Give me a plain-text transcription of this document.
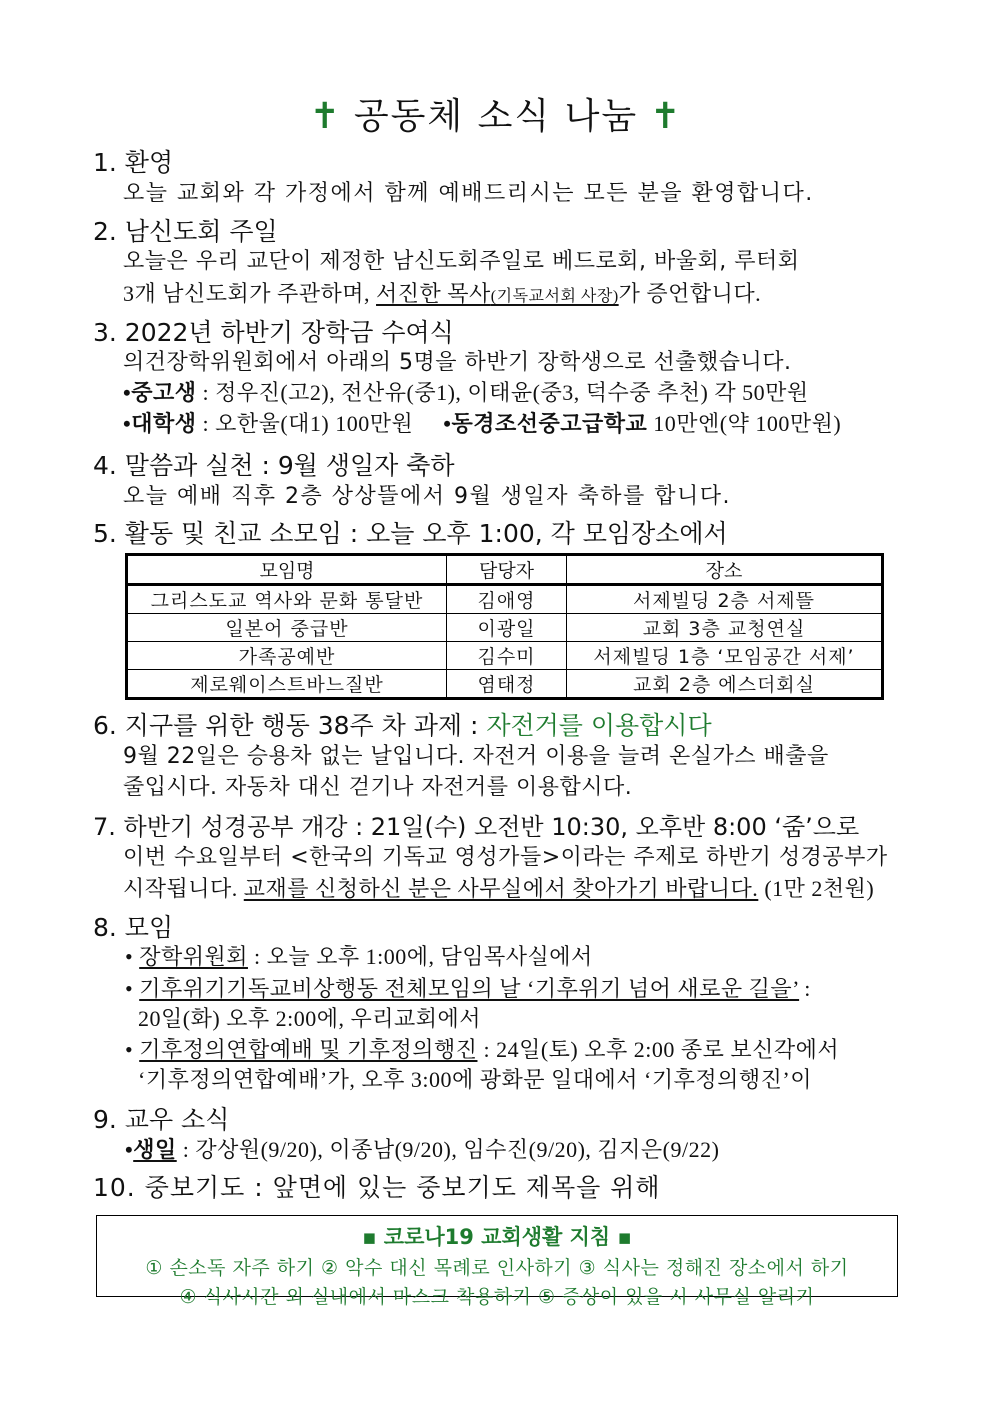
✝ 공동체 소식 나눔 ✝
1. 환영
오늘 교회와 각 가정에서 함께 예배드리시는 모든 분을 환영합니다.
2. 남신도회 주일
오늘은 우리 교단이 제정한 남신도회주일로 베드로회, 바울회, 루터회
3개 남신도회가 주관하며, 서진한 목사(기독교서회 사장)가 증언합니다.
3. 2022년 하반기 장학금 수여식
의건장학위원회에서 아래의 5명을 하반기 장학생으로 선출했습니다.
•중고생 : 정우진(고2), 전산유(중1), 이태윤(중3, 덕수중 추천) 각 50만원
•대학생 : 오한울(대1) 100만원 •동경조선중고급학교 10만엔(약 100만원)
4. 말씀과 실천 : 9월 생일자 축하
오늘 예배 직후 2층 상상뜰에서 9월 생일자 축하를 합니다.
5. 활동 및 친교 소모임 : 오늘 오후 1:00, 각 모임장소에서
모임명	담당자	장소
그리스도교 역사와 문화 통달반	김애영	서제빌딩 2층 서제뜰
일본어 중급반	이광일	교회 3층 교청연실
가족공예반	김수미	서제빌딩 1층 ‘모임공간 서제’
제로웨이스트바느질반	염태정	교회 2층 에스더회실
6. 지구를 위한 행동 38주 차 과제 : 자전거를 이용합시다
9월 22일은 승용차 없는 날입니다. 자전거 이용을 늘려 온실가스 배출을
줄입시다. 자동차 대신 걷기나 자전거를 이용합시다.
7. 하반기 성경공부 개강 : 21일(수) 오전반 10:30, 오후반 8:00 ‘줌’으로
이번 수요일부터 <한국의 기독교 영성가들>이라는 주제로 하반기 성경공부가
시작됩니다. 교재를 신청하신 분은 사무실에서 찾아가기 바랍니다. (1만 2천원)
8. 모임
• 장학위원회 : 오늘 오후 1:00에, 담임목사실에서
• 기후위기기독교비상행동 전체모임의 날 ‘기후위기 넘어 새로운 길을’ :
20일(화) 오후 2:00에, 우리교회에서
• 기후정의연합예배 및 기후정의행진 : 24일(토) 오후 2:00 종로 보신각에서
‘기후정의연합예배’가, 오후 3:00에 광화문 일대에서 ‘기후정의행진’이
9. 교우 소식
•생일 : 강상원(9/20), 이종남(9/20), 임수진(9/20), 김지은(9/22)
10. 중보기도 : 앞면에 있는 중보기도 제목을 위해
▪ 코로나19 교회생활 지침 ▪
① 손소독 자주 하기 ② 악수 대신 목례로 인사하기 ③ 식사는 정해진 장소에서 하기
④ 식사시간 외 실내에서 마스크 착용하기 ⑤ 증상이 있을 시 사무실 알리기
